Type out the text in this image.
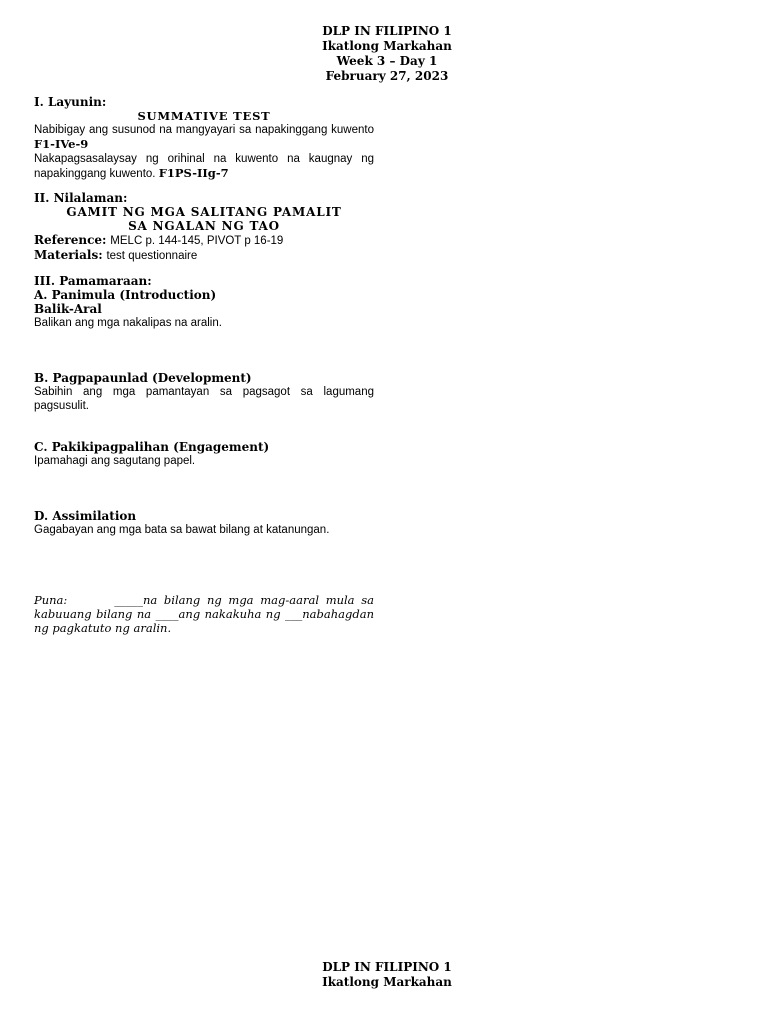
DLP IN FILIPINO 1
Ikatlong Markahan
Week 3 – Day 1
February 27, 2023
I. Layunin:
SUMMATIVE TEST
Nabibigay ang susunod na mangyayari sa napakinggang kuwento F1-IVe-9
Nakapagsasalaysay ng orihinal na kuwento na kaugnay ng napakinggang kuwento. F1PS-IIg-7
II. Nilalaman:
GAMIT NG MGA SALITANG PAMALIT
SA NGALAN NG TAO
Reference: MELC p. 144-145, PIVOT p 16-19
Materials: test questionnaire
III. Pamamaraan:
A. Panimula (Introduction)
Balik-Aral
Balikan ang mga nakalipas na aralin.
B. Pagpapaunlad (Development)
Sabihin ang mga pamantayan sa pagsagot sa lagumang pagsusulit.
C. Pakikipagpalihan (Engagement)
Ipamahagi ang sagutang papel.
D. Assimilation
Gagabayan ang mga bata sa bawat bilang at katanungan.
Puna:       _____na bilang ng mga mag-aaral mula sa kabuuang bilang na ____ang nakakuha ng ___nabahagdan ng pagkatuto ng aralin.
DLP IN FILIPINO 1
Ikatlong Markahan
